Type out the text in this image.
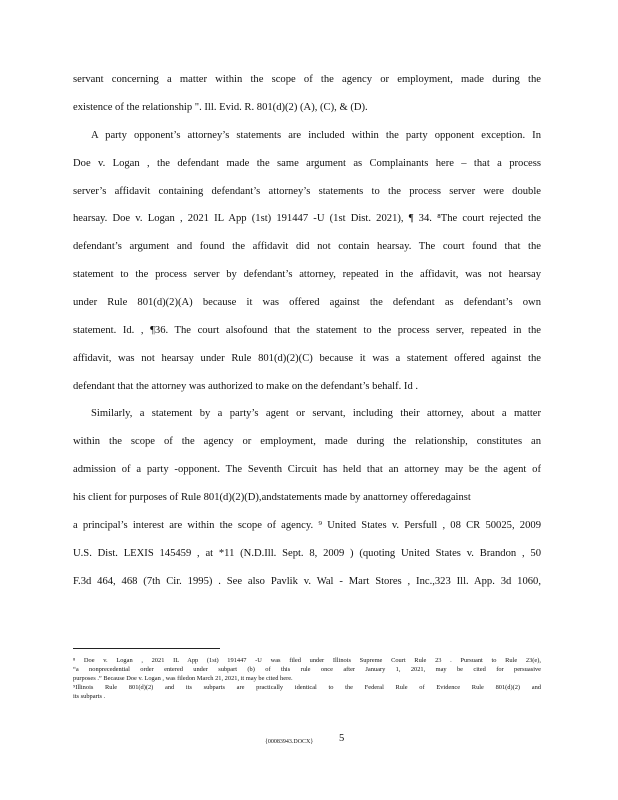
servant concerning a matter within the scope of the agency or employment, made during the
existence of the relationship ". Ill. Evid. R. 801(d)(2) (A), (C), & (D).
A party opponent’s attorney’s statements are included within the party opponent exception. In
Doe v. Logan , the defendant made the same argument as Complainants here – that a process
server’s affidavit containing defendant’s attorney’s statements to the process server were double
hearsay. Doe v. Logan , 2021 IL App (1st) 191447 -U (1st Dist. 2021), ¶ 34. ⁸The court rejected the
defendant’s argument and found the affidavit did not contain hearsay. The court found that the
statement to the process server by defendant’s attorney, repeated in the affidavit, was not hearsay
under Rule 801(d)(2)(A) because it was offered against the defendant as defendant’s own
statement. Id. , ¶36. The court alsofound that the statement to the process server, repeated in the
affidavit, was not hearsay under Rule 801(d)(2)(C) because it was a statement offered against the
defendant that the attorney was authorized to make on the defendant’s behalf. Id .
Similarly, a statement by a party’s agent or servant, including their attorney, about a matter
within the scope of the agency or employment, made during the relationship, constitutes an
admission of a party -opponent. The Seventh Circuit has held that an attorney may be the agent of
his client for purposes of Rule 801(d)(2)(D),andstatements made by anattorney offeredagainst
a principal’s interest are within the scope of agency. ⁹ United States v. Persfull , 08 CR 50025, 2009
U.S. Dist. LEXIS 145459 , at *11 (N.D.Ill. Sept. 8, 2009 ) (quoting United States v. Brandon , 50
F.3d 464, 468 (7th Cir. 1995) . See also Pavlik v. Wal - Mart Stores , Inc.,323 Ill. App. 3d 1060,
⁸ Doe v. Logan , 2021 IL App (1st) 191447 -U was filed under Illinois Supreme Court Rule 23 . Pursuant to Rule 23(e),
“a nonprecedential order entered under subpart (b) of this rule once after January 1, 2021, may be cited for persuasive
purposes .” Because Doe v. Logan , was filedon March 21, 2021, it may be cited here.
⁹Illinois Rule 801(d)(2) and its subparts are practically identical to the Federal Rule of Evidence Rule 801(d)(2) and
its subparts .
{00083943.DOCX} 5
